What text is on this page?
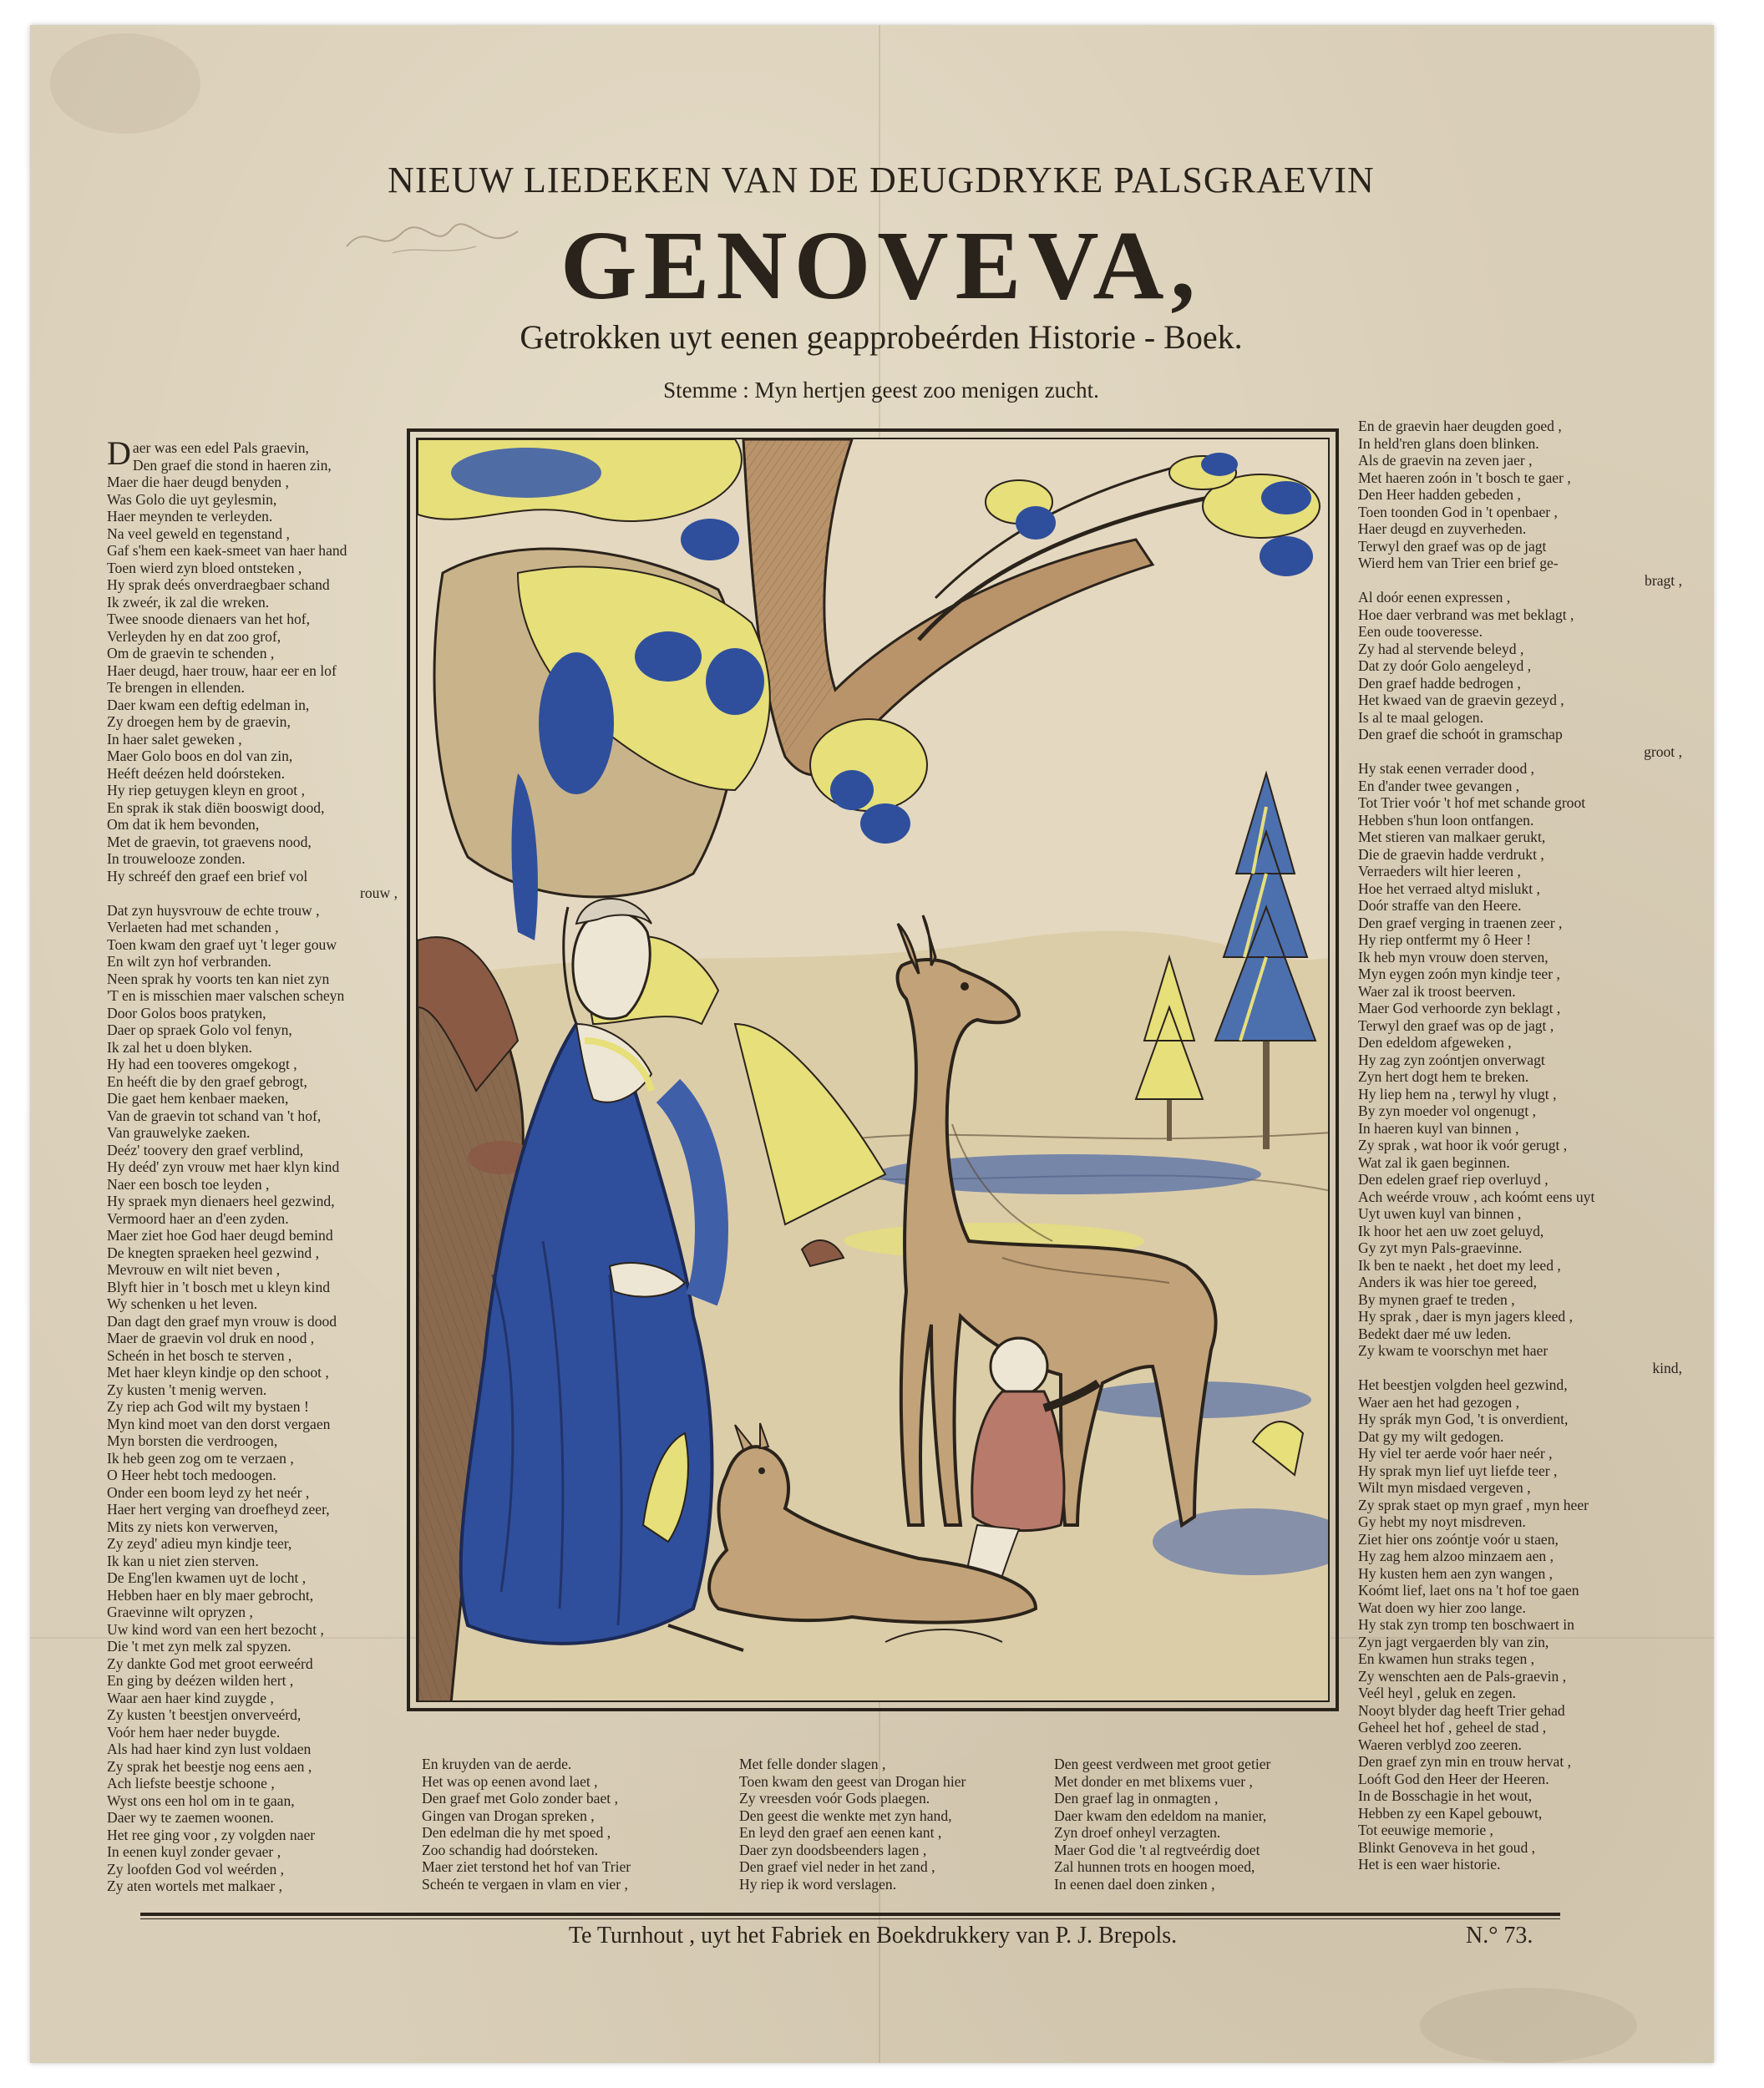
NIEUW LIEDEKEN VAN DE DEUGDRYKE PALSGRAEVIN
GENOVEVA,
Getrokken uyt eenen geapprobeérden Historie - Boek.
Stemme : Myn hertjen geest zoo menigen zucht.
Daer was een edel Pals graevin,
Den graef die stond in haeren zin,
Maer die haer deugd benyden ,
Was Golo die uyt geylesmin,
Haer meynden te verleyden.
Na veel geweld en tegenstand ,
Gaf s'hem een kaek-smeet van haer hand
Toen wierd zyn bloed ontsteken ,
Hy sprak deés onverdraegbaer schand
Ik zweér, ik zal die wreken.
Twee snoode dienaers van het hof,
Verleyden hy en dat zoo grof,
Om de graevin te schenden ,
Haer deugd, haer trouw, haar eer en lof
Te brengen in ellenden.
Daer kwam een deftig edelman in,
Zy droegen hem by de graevin,
In haer salet geweken ,
Maer Golo boos en dol van zin,
Heéft deézen held doórsteken.
Hy riep getuygen kleyn en groot ,
En sprak ik stak diën booswigt dood,
Om dat ik hem bevonden,
Met de graevin, tot graevens nood,
In trouwelooze zonden.
Hy schreéf den graef een brief vol
rouw ,
Dat zyn huysvrouw de echte trouw ,
Verlaeten had met schanden ,
Toen kwam den graef uyt 't leger gouw
En wilt zyn hof verbranden.
Neen sprak hy voorts ten kan niet zyn
'T en is misschien maer valschen scheyn
Door Golos boos pratyken,
Daer op spraek Golo vol fenyn,
Ik zal het u doen blyken.
Hy had een tooveres omgekogt ,
En heéft die by den graef gebrogt,
Die gaet hem kenbaer maeken,
Van de graevin tot schand van 't hof,
Van grauwelyke zaeken.
Deéz' toovery den graef verblind,
Hy deéd' zyn vrouw met haer klyn kind
Naer een bosch toe leyden ,
Hy spraek myn dienaers heel gezwind,
Vermoord haer an d'een zyden.
Maer ziet hoe God haer deugd bemind
De knegten spraeken heel gezwind ,
Mevrouw en wilt niet beven ,
Blyft hier in 't bosch met u kleyn kind
Wy schenken u het leven.
Dan dagt den graef myn vrouw is dood
Maer de graevin vol druk en nood ,
Scheén in het bosch te sterven ,
Met haer kleyn kindje op den schoot ,
Zy kusten 't menig werven.
Zy riep ach God wilt my bystaen !
Myn kind moet van den dorst vergaen
Myn borsten die verdroogen,
Ik heb geen zog om te verzaen ,
O Heer hebt toch medoogen.
Onder een boom leyd zy het neér ,
Haer hert verging van droefheyd zeer,
Mits zy niets kon verwerven,
Zy zeyd' adieu myn kindje teer,
Ik kan u niet zien sterven.
De Eng'len kwamen uyt de locht ,
Hebben haer en bly maer gebrocht,
Graevinne wilt opryzen ,
Uw kind word van een hert bezocht ,
Die 't met zyn melk zal spyzen.
Zy dankte God met groot eerweérd
En ging by deézen wilden hert ,
Waar aen haer kind zuygde ,
Zy kusten 't beestjen onverveérd,
Voór hem haer neder buygde.
Als had haer kind zyn lust voldaen
Zy sprak het beestje nog eens aen ,
Ach liefste beestje schoone ,
Wyst ons een hol om in te gaan,
Daer wy te zaemen woonen.
Het ree ging voor , zy volgden naer
In eenen kuyl zonder gevaer ,
Zy loofden God vol weérden ,
Zy aten wortels met malkaer ,
En de graevin haer deugden goed ,
In held'ren glans doen blinken.
Als de graevin na zeven jaer ,
Met haeren zoón in 't bosch te gaer ,
Den Heer hadden gebeden ,
Toen toonden God in 't openbaer ,
Haer deugd en zuyverheden.
Terwyl den graef was op de jagt
Wierd hem van Trier een brief ge-
bragt ,
Al doór eenen expressen ,
Hoe daer verbrand was met beklagt ,
Een oude tooveresse.
Zy had al stervende beleyd ,
Dat zy doór Golo aengeleyd ,
Den graef hadde bedrogen ,
Het kwaed van de graevin gezeyd ,
Is al te maal gelogen.
Den graef die schoót in gramschap
groot ,
Hy stak eenen verrader dood ,
En d'ander twee gevangen ,
Tot Trier voór 't hof met schande groot
Hebben s'hun loon ontfangen.
Met stieren van malkaer gerukt,
Die de graevin hadde verdrukt ,
Verraeders wilt hier leeren ,
Hoe het verraed altyd mislukt ,
Doór straffe van den Heere.
Den graef verging in traenen zeer ,
Hy riep ontfermt my ô Heer !
Ik heb myn vrouw doen sterven,
Myn eygen zoón myn kindje teer ,
Waer zal ik troost beerven.
Maer God verhoorde zyn beklagt ,
Terwyl den graef was op de jagt ,
Den edeldom afgeweken ,
Hy zag zyn zoóntjen onverwagt
Zyn hert dogt hem te breken.
Hy liep hem na , terwyl hy vlugt ,
By zyn moeder vol ongenugt ,
In haeren kuyl van binnen ,
Zy sprak , wat hoor ik voór gerugt ,
Wat zal ik gaen beginnen.
Den edelen graef riep overluyd ,
Ach weérde vrouw , ach koómt eens uyt
Uyt uwen kuyl van binnen ,
Ik hoor het aen uw zoet geluyd,
Gy zyt myn Pals-graevinne.
Ik ben te naekt , het doet my leed ,
Anders ik was hier toe gereed,
By mynen graef te treden ,
Hy sprak , daer is myn jagers kleed ,
Bedekt daer mé uw leden.
Zy kwam te voorschyn met haer
kind,
Het beestjen volgden heel gezwind,
Waer aen het had gezogen ,
Hy sprák myn God, 't is onverdient,
Dat gy my wilt gedogen.
Hy viel ter aerde voór haer neér ,
Hy sprak myn lief uyt liefde teer ,
Wilt myn misdaed vergeven ,
Zy sprak staet op myn graef , myn heer
Gy hebt my noyt misdreven.
Ziet hier ons zoóntje voór u staen,
Hy zag hem alzoo minzaem aen ,
Hy kusten hem aen zyn wangen ,
Koómt lief, laet ons na 't hof toe gaen
Wat doen wy hier zoo lange.
Hy stak zyn tromp ten boschwaert in
Zyn jagt vergaerden bly van zin,
En kwamen hun straks tegen ,
Zy wenschten aen de Pals-graevin ,
Veél heyl , geluk en zegen.
Nooyt blyder dag heeft Trier gehad
Geheel het hof , geheel de stad ,
Waeren verblyd zoo zeeren.
Den graef zyn min en trouw hervat ,
Loóft God den Heer der Heeren.
In de Bosschagie in het wout,
Hebben zy een Kapel gebouwt,
Tot eeuwige memorie ,
Blinkt Genoveva in het goud ,
Het is een waer historie.
En kruyden van de aerde.
Het was op eenen avond laet ,
Den graef met Golo zonder baet ,
Gingen van Drogan spreken ,
Den edelman die hy met spoed ,
Zoo schandig had doórsteken.
Maer ziet terstond het hof van Trier
Scheén te vergaen in vlam en vier ,
Met felle donder slagen ,
Toen kwam den geest van Drogan hier
Zy vreesden voór Gods plaegen.
Den geest die wenkte met zyn hand,
En leyd den graef aen eenen kant ,
Daer zyn doodsbeenders lagen ,
Den graef viel neder in het zand ,
Hy riep ik word verslagen.
Den geest verdween met groot getier
Met donder en met blixems vuer ,
Den graef lag in onmagten ,
Daer kwam den edeldom na manier,
Zyn droef onheyl verzagten.
Maer God die 't al regtveérdig doet
Zal hunnen trots en hoogen moed,
In eenen dael doen zinken ,
Te Turnhout , uyt het Fabriek en Boekdrukkery van P. J. Brepols.	N.° 73.
